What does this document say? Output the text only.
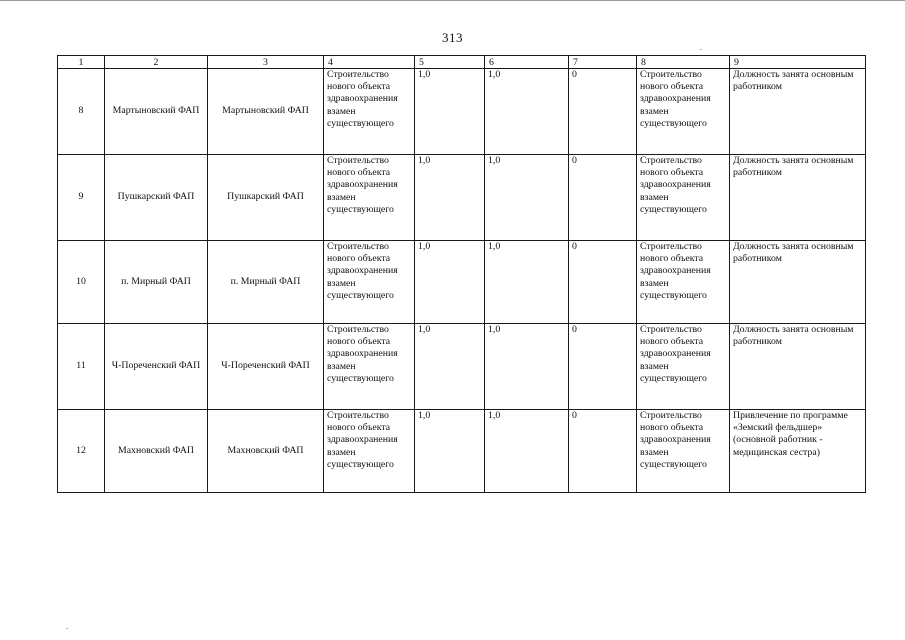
313
1	2	3	4	5	6	7	8	9
8	Мартыновский ФАП	Мартыновский ФАП	Строительство нового объекта здравоохранения взамен существующего	1,0	1,0	0	Строительство нового объекта здравоохранения взамен существующего	Должность занята основным работником
9	Пушкарский ФАП	Пушкарский ФАП	Строительство нового объекта здравоохранения взамен существующего	1,0	1,0	0	Строительство нового объекта здравоохранения взамен существующего	Должность занята основным работником
10	п. Мирный ФАП	п. Мирный ФАП	Строительство нового объекта здравоохранения взамен существующего	1,0	1,0	0	Строительство нового объекта здравоохранения взамен существующего	Должность занята основным работником
11	Ч-Пореченский ФАП	Ч-Пореченский ФАП	Строительство нового объекта здравоохранения взамен существующего	1,0	1,0	0	Строительство нового объекта здравоохранения взамен существующего	Должность занята основным работником
12	Махновский ФАП	Махновский ФАП	Строительство нового объекта здравоохранения взамен существующего	1,0	1,0	0	Строительство нового объекта здравоохранения взамен существующего	Привлечение по программе «Земский фельдшер» (основной работник - медицинская сестра)
